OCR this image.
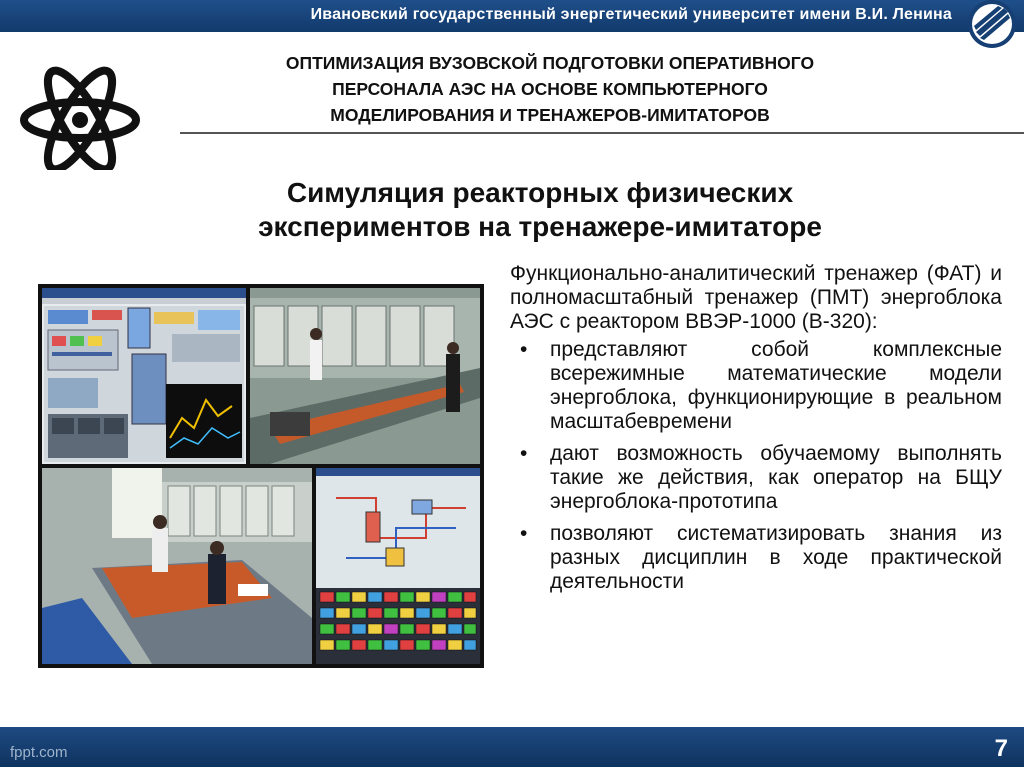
Ивановский государственный энергетический университет имени В.И. Ленина
ОПТИМИЗАЦИЯ ВУЗОВСКОЙ ПОДГОТОВКИ ОПЕРАТИВНОГО
ПЕРСОНАЛА АЭС НА ОСНОВЕ КОМПЬЮТЕРНОГО
МОДЕЛИРОВАНИЯ И ТРЕНАЖЕРОВ-ИМИТАТОРОВ
Симуляция реакторных физических
экспериментов на тренажере-имитаторе

Функционально-аналитический тренажер (ФАТ) и полномасштабный тренажер (ПМТ) энергоблока АЭС с реактором ВВЭР-1000 (В-320):

• представляют собой комплексные всережимные математические модели энергоблока, функционирующие в реальном масштабевремени
• дают возможность обучаемому выполнять такие же действия, как оператор на БЩУ энергоблока-прототипа
• позволяют систематизировать знания из разных дисциплин в ходе практической деятельности
fppt.com	7
